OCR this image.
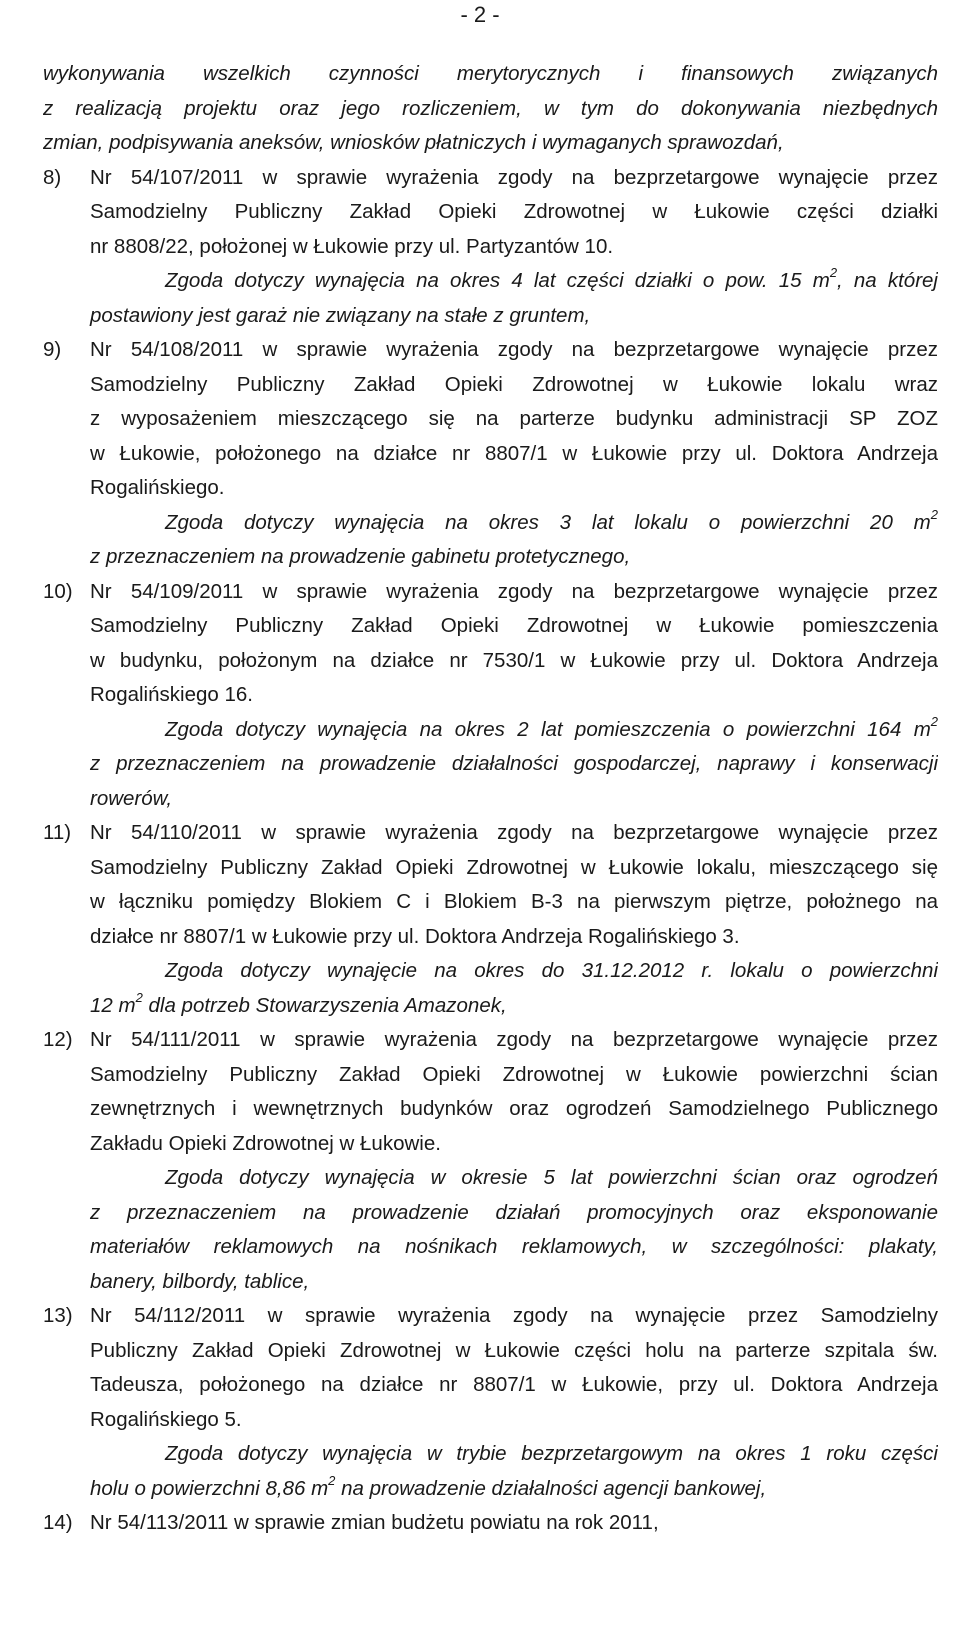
- 2 -
wykonywania wszelkich czynności merytorycznych i finansowych związanych
z realizacją projektu oraz jego rozliczeniem, w tym do dokonywania niezbędnych
zmian, podpisywania aneksów, wniosków płatniczych i wymaganych sprawozdań,
8)	Nr 54/107/2011 w sprawie wyrażenia zgody na bezprzetargowe wynajęcie przez
Samodzielny Publiczny Zakład Opieki Zdrowotnej w Łukowie części działki
nr 8808/22, położonej w Łukowie przy ul. Partyzantów 10.
Zgoda dotyczy wynajęcia na okres 4 lat części działki o pow. 15 $m^2$, na której
postawiony jest garaż nie związany na stałe z gruntem,
9)	Nr 54/108/2011 w sprawie wyrażenia zgody na bezprzetargowe wynajęcie przez
Samodzielny Publiczny Zakład Opieki Zdrowotnej w Łukowie lokalu wraz
z wyposażeniem mieszczącego się na parterze budynku administracji SP ZOZ
w Łukowie, położonego na działce nr 8807/1 w Łukowie przy ul. Doktora Andrzeja
Rogalińskiego.
Zgoda dotyczy wynajęcia na okres 3 lat lokalu o powierzchni 20 $m^2$
z przeznaczeniem na prowadzenie gabinetu protetycznego,
10) Nr 54/109/2011 w sprawie wyrażenia zgody na bezprzetargowe wynajęcie przez
Samodzielny Publiczny Zakład Opieki Zdrowotnej w Łukowie pomieszczenia
w budynku, położonym na działce nr 7530/1 w Łukowie przy ul. Doktora Andrzeja
Rogalińskiego 16.
Zgoda dotyczy wynajęcia na okres 2 lat pomieszczenia o powierzchni 164 $m^2$
z przeznaczeniem na prowadzenie działalności gospodarczej, naprawy i konserwacji
rowerów,
11) Nr 54/110/2011 w sprawie wyrażenia zgody na bezprzetargowe wynajęcie przez
Samodzielny Publiczny Zakład Opieki Zdrowotnej w Łukowie lokalu, mieszczącego się
w łączniku pomiędzy Blokiem C i Blokiem B-3 na pierwszym piętrze, położnego na
działce nr 8807/1 w Łukowie przy ul. Doktora Andrzeja Rogalińskiego 3.
Zgoda dotyczy wynajęcie na okres do 31.12.2012 r. lokalu o powierzchni
12 $m^2$ dla potrzeb Stowarzyszenia Amazonek,
12) Nr 54/111/2011 w sprawie wyrażenia zgody na bezprzetargowe wynajęcie przez
Samodzielny Publiczny Zakład Opieki Zdrowotnej w Łukowie powierzchni ścian
zewnętrznych i wewnętrznych budynków oraz ogrodzeń Samodzielnego Publicznego
Zakładu Opieki Zdrowotnej w Łukowie.
Zgoda dotyczy wynajęcia w okresie 5 lat powierzchni ścian oraz ogrodzeń
z przeznaczeniem na prowadzenie działań promocyjnych oraz eksponowanie
materiałów reklamowych na nośnikach reklamowych, w szczególności: plakaty,
banery, bilbordy, tablice,
13) Nr 54/112/2011 w sprawie wyrażenia zgody na wynajęcie przez Samodzielny
Publiczny Zakład Opieki Zdrowotnej w Łukowie części holu na parterze szpitala św.
Tadeusza, położonego na działce nr 8807/1 w Łukowie, przy ul. Doktora Andrzeja
Rogalińskiego 5.
Zgoda dotyczy wynajęcia w trybie bezprzetargowym na okres 1 roku części
holu o powierzchni 8,86 $m^2$ na prowadzenie działalności agencji bankowej,
14) Nr 54/113/2011 w sprawie zmian budżetu powiatu na rok 2011,
